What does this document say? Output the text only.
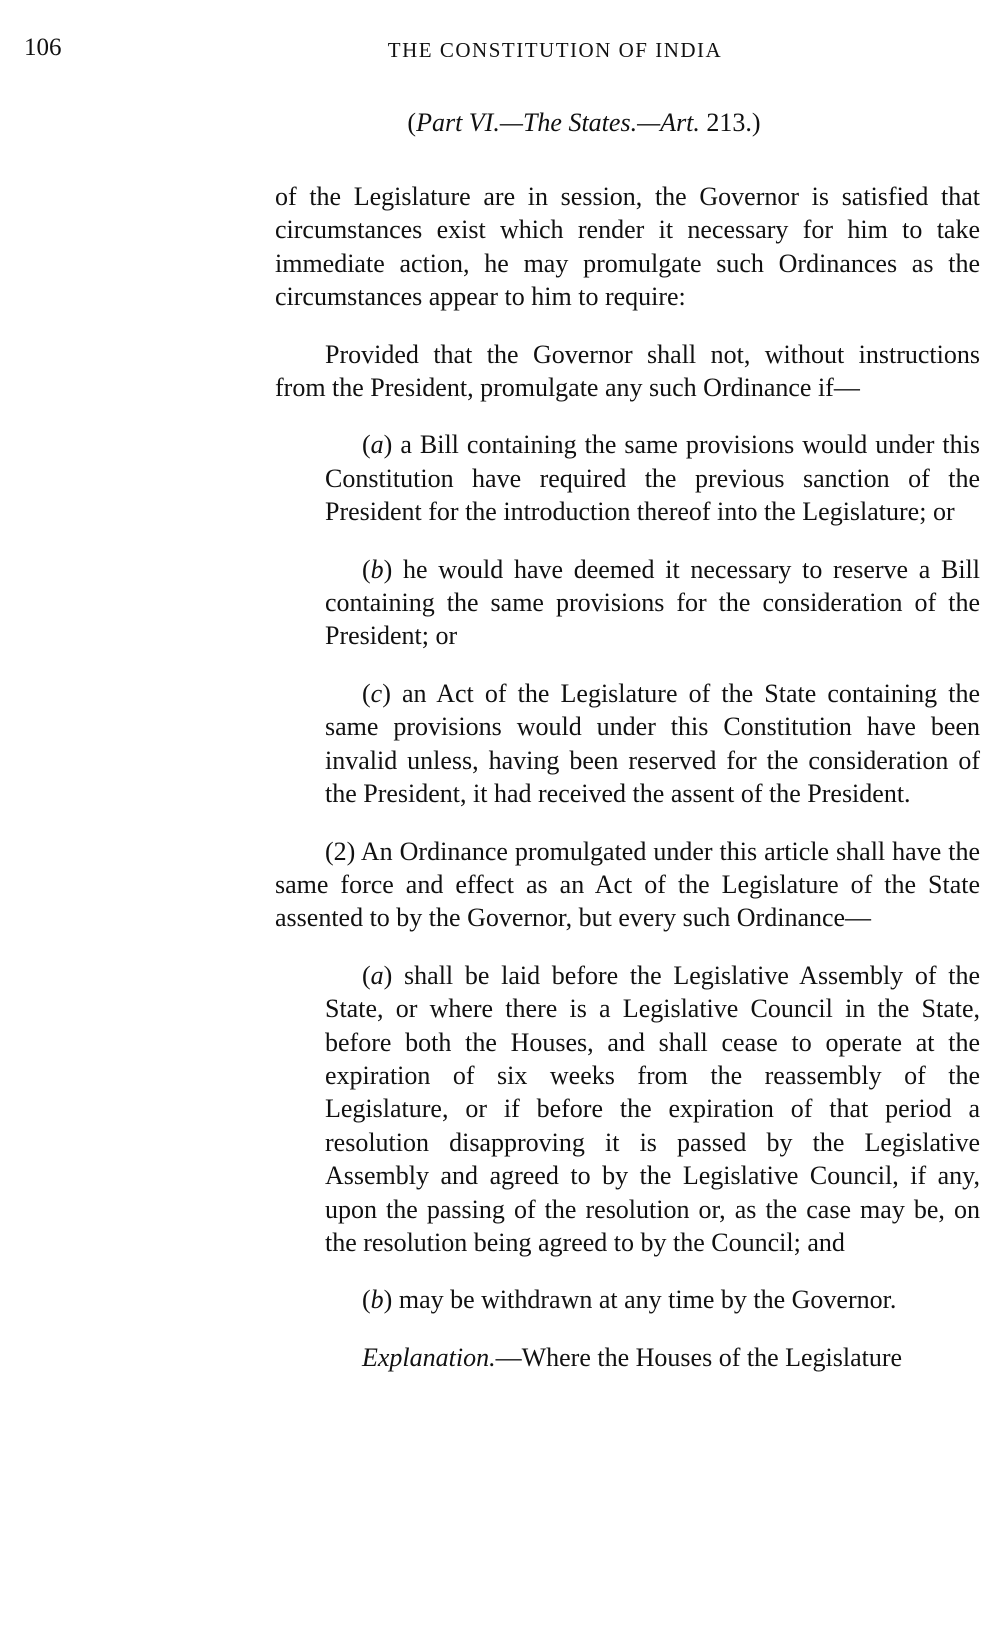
106	THE CONSTITUTION OF INDIA
(Part VI.—The States.—Art. 213.)

of the Legislature are in session, the Governor is satisfied that circumstances exist which render it necessary for him to take immediate action, he may promulgate such Ordinances as the circumstances appear to him to require:

Provided that the Governor shall not, without instructions from the President, promulgate any such Ordinance if—

(a) a Bill containing the same provisions would under this Constitution have required the previous sanction of the President for the introduction thereof into the Legislature; or

(b) he would have deemed it necessary to reserve a Bill containing the same provisions for the consideration of the President; or

(c) an Act of the Legislature of the State containing the same provisions would under this Constitution have been invalid unless, having been reserved for the consideration of the President, it had received the assent of the President.

(2) An Ordinance promulgated under this article shall have the same force and effect as an Act of the Legislature of the State assented to by the Governor, but every such Ordinance—

(a) shall be laid before the Legislative Assembly of the State, or where there is a Legislative Council in the State, before both the Houses, and shall cease to operate at the expiration of six weeks from the reassembly of the Legislature, or if before the expiration of that period a resolution disapproving it is passed by the Legislative Assembly and agreed to by the Legislative Council, if any, upon the passing of the resolution or, as the case may be, on the resolution being agreed to by the Council; and

(b) may be withdrawn at any time by the Governor.

Explanation.—Where the Houses of the Legislature
